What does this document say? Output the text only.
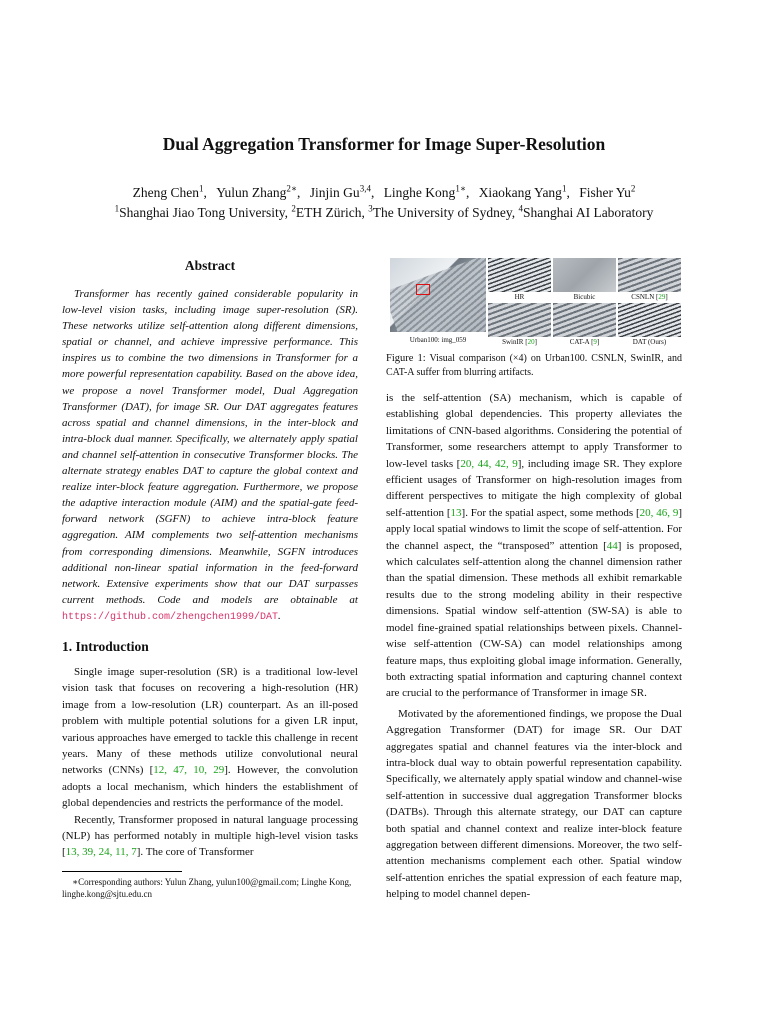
Dual Aggregation Transformer for Image Super-Resolution
Zheng Chen$^1$, Yulun Zhang$^{2∗}$, Jinjin Gu$^{3,4}$, Linghe Kong$^{1∗}$, Xiaokang Yang$^1$, Fisher Yu$^2$
$^1$Shanghai Jiao Tong University, $^2$ETH Zürich, $^3$The University of Sydney, $^4$Shanghai AI Laboratory
Abstract

Transformer has recently gained considerable popularity in low-level vision tasks, including image super-resolution (SR). These networks utilize self-attention along different dimensions, spatial or channel, and achieve impressive performance. This inspires us to combine the two dimensions in Transformer for a more powerful representation capability. Based on the above idea, we propose a novel Transformer model, Dual Aggregation Transformer (DAT), for image SR. Our DAT aggregates features across spatial and channel dimensions, in the inter-block and intra-block dual manner. Specifically, we alternately apply spatial and channel self-attention in consecutive Transformer blocks. The alternate strategy enables DAT to capture the global context and realize inter-block feature aggregation. Furthermore, we propose the adaptive interaction module (AIM) and the spatial-gate feed-forward network (SGFN) to achieve intra-block feature aggregation. AIM complements two self-attention mechanisms from corresponding dimensions. Meanwhile, SGFN introduces additional non-linear spatial information in the feed-forward network. Extensive experiments show that our DAT surpasses current methods. Code and models are obtainable at https://github.com/zhengchen1999/DAT.

1. Introduction

Single image super-resolution (SR) is a traditional low-level vision task that focuses on recovering a high-resolution (HR) image from a low-resolution (LR) counterpart. As an ill-posed problem with multiple potential solutions for a given LR input, various approaches have emerged to tackle this challenge in recent years. Many of these methods utilize convolutional neural networks (CNNs) [12, 47, 10, 29]. However, the convolution adopts a local mechanism, which hinders the establishment of global dependencies and restricts the performance of the model.

Recently, Transformer proposed in natural language processing (NLP) has performed notably in multiple high-level vision tasks [13, 39, 24, 11, 7]. The core of Transformer

∗Corresponding authors: Yulun Zhang, yulun100@gmail.com; Linghe Kong, linghe.kong@sjtu.edu.cn

Urban100: img_059
HR	Bicubic	CSNLN [29]
SwinIR [20]	CAT-A [9]	DAT (Ours)

Figure 1: Visual comparison (×4) on Urban100. CSNLN, SwinIR, and CAT-A suffer from blurring artifacts.

is the self-attention (SA) mechanism, which is capable of establishing global dependencies. This property alleviates the limitations of CNN-based algorithms. Considering the potential of Transformer, some researchers attempt to apply Transformer to low-level tasks [20, 44, 42, 9], including image SR. They explore efficient usages of Transformer on high-resolution images from different perspectives to mitigate the high complexity of global self-attention [13]. For the spatial aspect, some methods [20, 46, 9] apply local spatial windows to limit the scope of self-attention. For the channel aspect, the “transposed” attention [44] is proposed, which calculates self-attention along the channel dimension rather than the spatial dimension. These methods all exhibit remarkable results due to the strong modeling ability in their respective dimensions. Spatial window self-attention (SW-SA) is able to model fine-grained spatial relationships between pixels. Channel-wise self-attention (CW-SA) can model relationships among feature maps, thus exploiting global image information. Generally, both extracting spatial information and capturing channel context are crucial to the performance of Transformer in image SR.

Motivated by the aforementioned findings, we propose the Dual Aggregation Transformer (DAT) for image SR. Our DAT aggregates spatial and channel features via the inter-block and intra-block dual way to obtain powerful representation capability. Specifically, we alternately apply spatial window and channel-wise self-attention in successive dual aggregation Transformer blocks (DATBs). Through this alternate strategy, our DAT can capture both spatial and channel context and realize inter-block feature aggregation between different dimensions. Moreover, the two self-attention mechanisms complement each other. Spatial window self-attention enriches the spatial expression of each feature map, helping to model channel depen-
